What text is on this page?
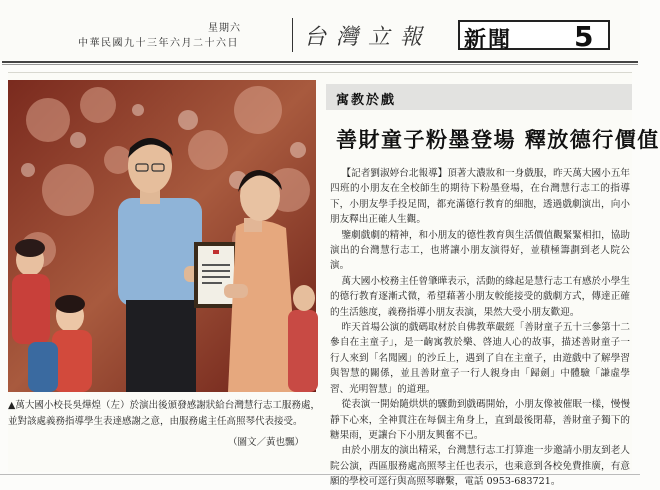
星期六
中華民國九十三年六月二十六日	台灣立報 新聞 5

▲萬大國小校長吳燁煌（左）於演出後頒發感謝狀給台灣慧行志工服務處，並對該處義務指導學生表達感謝之意，由服務處主任高照琴代表接受。

（圖文／黃也飄）
寓教於戲
善財童子粉墨登場 釋放德行價值

【記者劉淑婷台北報導】頂著大濃妝和一身戲服，昨天萬大國小五年四班的小朋友在全校師生的期待下粉墨登場，在台灣慧行志工的指導下，小朋友學手投足間，都充滿德行教育的細胞，透過戲劇演出，向小朋友釋出正確人生觀。

鑒劇戲劇的精神，和小朋友的德性教育與生活價值觀緊緊相扣，協助演出的台灣慧行志工，也將讓小朋友演得好，並積極籌劃到老人院公演。

萬大國小校務主任曾肇曄表示，活動的緣起是慧行志工有感於小學生的德行教育逐漸式微，希望藉著小朋友較能接受的戲劇方式，傳達正確的生活態度，義務指導小朋友表演，果然大受小朋友歡迎。

昨天首場公演的戲碼取材於自佛教華嚴經「善財童子五十三參第十二參自在主童子」，是一齣寓教於樂、啓迪人心的故事，描述善財童子一行人來到「名聞國」的沙丘上，遇到了自在主童子，由遊戲中了解學習與智慧的關係，並且善財童子一行人親身由「歸劍」中體驗「謙虛學習、光明智慧」的道理。

從表演一開始隨烘烘的驟動到戲碼開始，小朋友像被催眠一樣，慢慢靜下心來，全神貫注在每個主角身上，直到最後閉幕，善財童子獨下的糖果雨，更讓台下小朋友興奮不已。

由於小朋友的演出精采，台灣慧行志工打算進一步邀請小朋友到老人院公演，西區服務處高照琴主任也表示，也乘意到各校免費推廣，有意願的學校可逕行與高照琴聯繫，電話 0953-683721。
